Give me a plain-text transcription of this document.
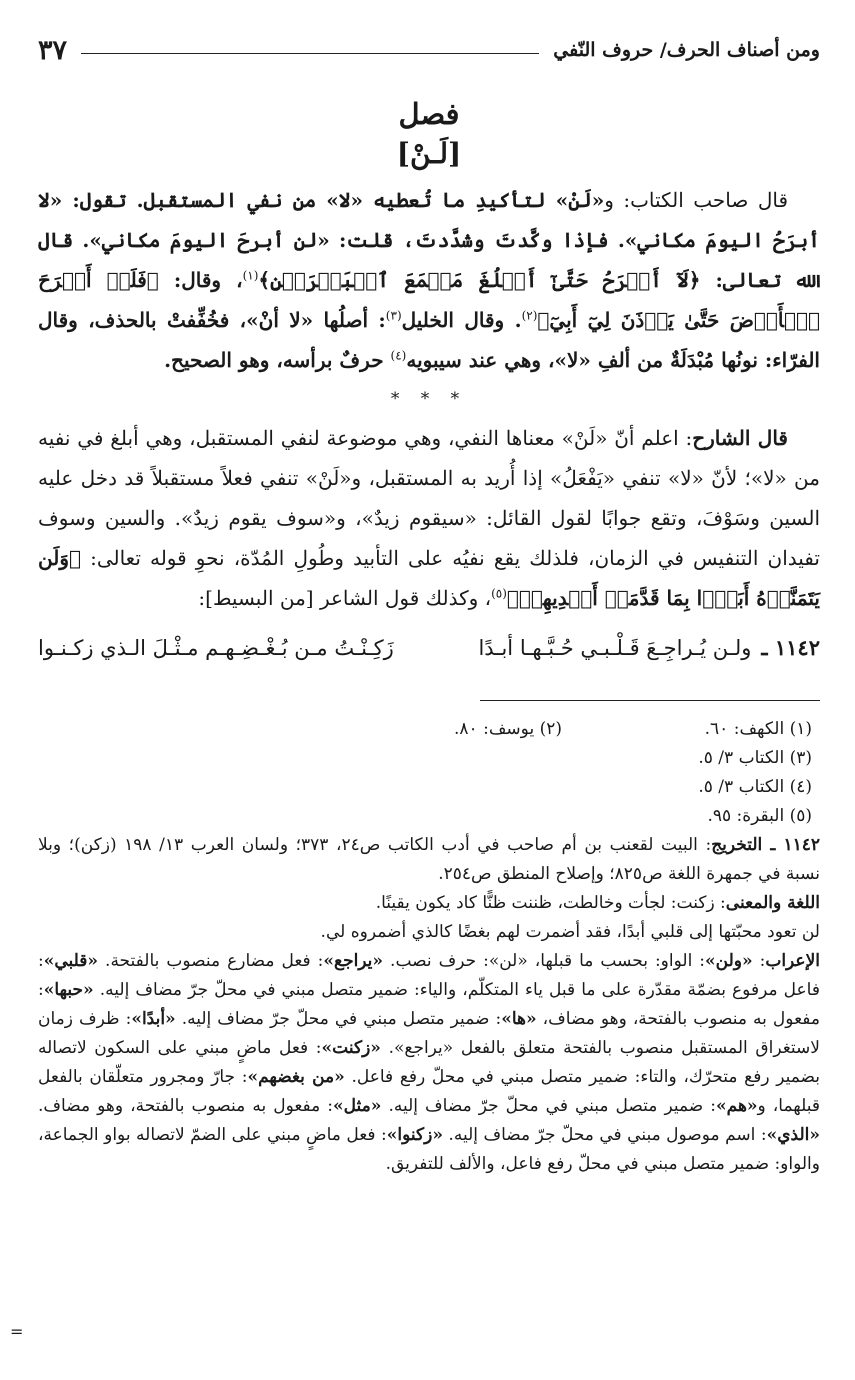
ومن أصناف الحرف/ حروف النّفي
٣٧
فصل
[لَـنْ]

قال صاحب الكتاب: و«لَنْ» لتأكيدِ ما تُعطيه «لا» من نفي المستقبل. تقول: «لا أبرَحُ اليومَ مكاني». فإذا وكَّدتَ وشدَّدتَ، قلت: «لن أبرحَ اليومَ مكاني». قال الله تعالى: ﴿لَآ أَبۡرَحُ حَتَّىٰٓ أَبۡلُغَ مَجۡمَعَ ٱلۡبَحۡرَيۡنِ﴾$^{(١)}$، وقال: ﴿فَلَنۡ أَبۡرَحَ ٱلۡأَرۡضَ حَتَّىٰ يَأۡذَنَ لِيٓ أَبِيٓ﴾$^{(٢)}$. وقال الخليل$^{(٣)}$: أصلُها «لا أنْ»، فخُفِّفتْ بالحذف، وقال الفرّاء: نونُها مُبْدَلَةٌ من ألفِ «لا»، وهي عند سيبويه$^{(٤)}$ حرفٌ برأسه، وهو الصحيح.

* * *

قال الشارح: اعلم أنّ «لَنْ» معناها النفي، وهي موضوعة لنفي المستقبل، وهي أبلغ في نفيه من «لا»؛ لأنّ «لا» تنفي «يَفْعَلُ» إذا أُريد به المستقبل، و«لَنْ» تنفي فعلاً مستقبلاً قد دخل عليه السين وسَوْفَ، وتقع جوابًا لقول القائل: «سيقوم زيدٌ»، و«سوف يقوم زيدٌ». والسين وسوف تفيدان التنفيس في الزمان، فلذلك يقع نفيُه على التأبيد وطُولِ المُدّة، نحوِ قوله تعالى: ﴿وَلَن يَتَمَنَّوۡهُ أَبَدَۢا بِمَا قَدَّمَتۡ أَيۡدِيهِمۡ﴾$^{(٥)}$، وكذلك قول الشاعر [من البسيط]:

١١٤٢ ـ
ولـن يُـراجِـعَ قَـلْـبـي حُـبَّـهـا أبـدًا
زَكِـنْـتُ مـن بُـغْـضِـهـم مـثْـلَ الـذي زكـنـوا
(١) الكهف: ٦٠.
(٢) يوسف: ٨٠.
(٣) الكتاب ٣/ ٥.
(٤) الكتاب ٣/ ٥.
(٥) البقرة: ٩٥.

١١٤٢ ـ التخريج: البيت لقعنب بن أم صاحب في أدب الكاتب ص٢٤، ٣٧٣؛ ولسان العرب ١٣/ ١٩٨ (زكن)؛ وبلا نسبة في جمهرة اللغة ص٨٢٥؛ وإصلاح المنطق ص٢٥٤.

اللغة والمعنى: زكنت: لجأت وخالطت، ظننت ظنًّا كاد يكون يقينًا.

لن تعود محبّتها إلى قلبي أبدًا، فقد أضمرت لهم بغضًا كالذي أضمروه لي.

الإعراب: «ولن»: الواو: بحسب ما قبلها، «لن»: حرف نصب. «يراجع»: فعل مضارع منصوب بالفتحة. «قلبي»: فاعل مرفوع بضمّة مقدّرة على ما قبل ياء المتكلّم، والياء: ضمير متصل مبني في محلّ جرّ مضاف إليه. «حبها»: مفعول به منصوب بالفتحة، وهو مضاف، «ها»: ضمير متصل مبني في محلّ جرّ مضاف إليه. «أبدًا»: ظرف زمان لاستغراق المستقبل منصوب بالفتحة متعلق بالفعل «يراجع». «زكنت»: فعل ماضٍ مبني على السكون لاتصاله بضمير رفع متحرّك، والتاء: ضمير متصل مبني في محلّ رفع فاعل. «من بغضهم»: جارّ ومجرور متعلّقان بالفعل قبلهما، و«هم»: ضمير متصل مبني في محلّ جرّ مضاف إليه. «مثل»: مفعول به منصوب بالفتحة، وهو مضاف. «الذي»: اسم موصول مبني في محلّ جرّ مضاف إليه. «زكنوا»: فعل ماضٍ مبني على الضمّ لاتصاله بواو الجماعة، والواو: ضمير متصل مبني في محلّ رفع فاعل، والألف للتفريق.

=
